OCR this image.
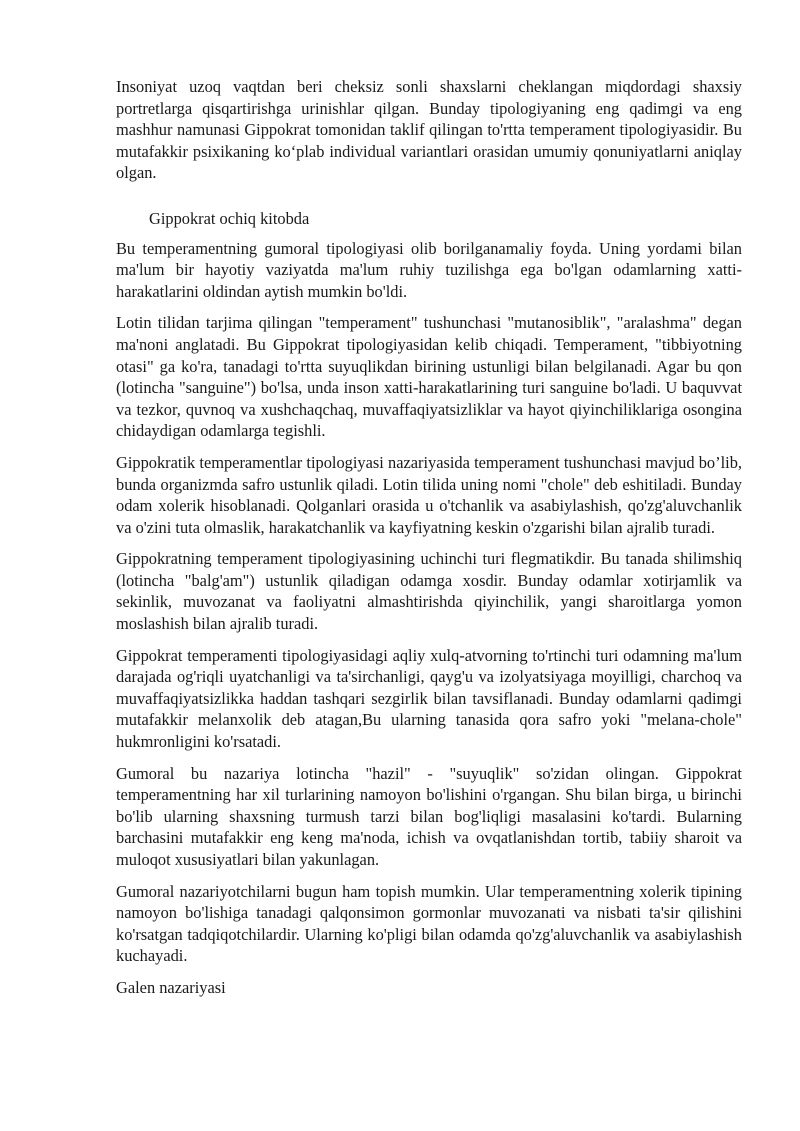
Insoniyat uzoq vaqtdan beri cheksiz sonli shaxslarni cheklangan miqdordagi shaxsiy portretlarga qisqartirishga urinishlar qilgan. Bunday tipologiyaning eng qadimgi va eng mashhur namunasi Gippokrat tomonidan taklif qilingan to'rtta temperament tipologiyasidir. Bu mutafakkir psixikaning koʻplab individual variantlari orasidan umumiy qonuniyatlarni aniqlay olgan.

Gippokrat ochiq kitobda

Bu temperamentning gumoral tipologiyasi olib borilganamaliy foyda. Uning yordami bilan ma'lum bir hayotiy vaziyatda ma'lum ruhiy tuzilishga ega bo'lgan odamlarning xatti-harakatlarini oldindan aytish mumkin bo'ldi.

Lotin tilidan tarjima qilingan "temperament" tushunchasi "mutanosiblik", "aralashma" degan ma'noni anglatadi. Bu Gippokrat tipologiyasidan kelib chiqadi. Temperament, "tibbiyotning otasi" ga ko'ra, tanadagi to'rtta suyuqlikdan birining ustunligi bilan belgilanadi. Agar bu qon (lotincha "sanguine") bo'lsa, unda inson xatti-harakatlarining turi sanguine bo'ladi. U baquvvat va tezkor, quvnoq va xushchaqchaq, muvaffaqiyatsizliklar va hayot qiyinchiliklariga osongina chidaydigan odamlarga tegishli.

Gippokratik temperamentlar tipologiyasi nazariyasida temperament tushunchasi mavjud bo’lib, bunda organizmda safro ustunlik qiladi. Lotin tilida uning nomi "chole" deb eshitiladi. Bunday odam xolerik hisoblanadi. Qolganlari orasida u o'tchanlik va asabiylashish, qo'zg'aluvchanlik va o'zini tuta olmaslik, harakatchanlik va kayfiyatning keskin o'zgarishi bilan ajralib turadi.

Gippokratning temperament tipologiyasining uchinchi turi flegmatikdir. Bu tanada shilimshiq (lotincha "balg'am") ustunlik qiladigan odamga xosdir. Bunday odamlar xotirjamlik va sekinlik, muvozanat va faoliyatni almashtirishda qiyinchilik, yangi sharoitlarga yomon moslashish bilan ajralib turadi.

Gippokrat temperamenti tipologiyasidagi aqliy xulq-atvorning to'rtinchi turi odamning ma'lum darajada og'riqli uyatchanligi va ta'sirchanligi, qayg'u va izolyatsiyaga moyilligi, charchoq va muvaffaqiyatsizlikka haddan tashqari sezgirlik bilan tavsiflanadi. Bunday odamlarni qadimgi mutafakkir melanxolik deb atagan,Bu ularning tanasida qora safro yoki "melana-chole" hukmronligini ko'rsatadi.

Gumoral bu nazariya lotincha "hazil" - "suyuqlik" so'zidan olingan. Gippokrat temperamentning har xil turlarining namoyon bo'lishini o'rgangan. Shu bilan birga, u birinchi bo'lib ularning shaxsning turmush tarzi bilan bog'liqligi masalasini ko'tardi. Bularning barchasini mutafakkir eng keng ma'noda, ichish va ovqatlanishdan tortib, tabiiy sharoit va muloqot xususiyatlari bilan yakunlagan.

Gumoral nazariyotchilarni bugun ham topish mumkin. Ular temperamentning xolerik tipining namoyon bo'lishiga tanadagi qalqonsimon gormonlar muvozanati va nisbati ta'sir qilishini ko'rsatgan tadqiqotchilardir. Ularning ko'pligi bilan odamda qo'zg'aluvchanlik va asabiylashish kuchayadi.

Galen nazariyasi
